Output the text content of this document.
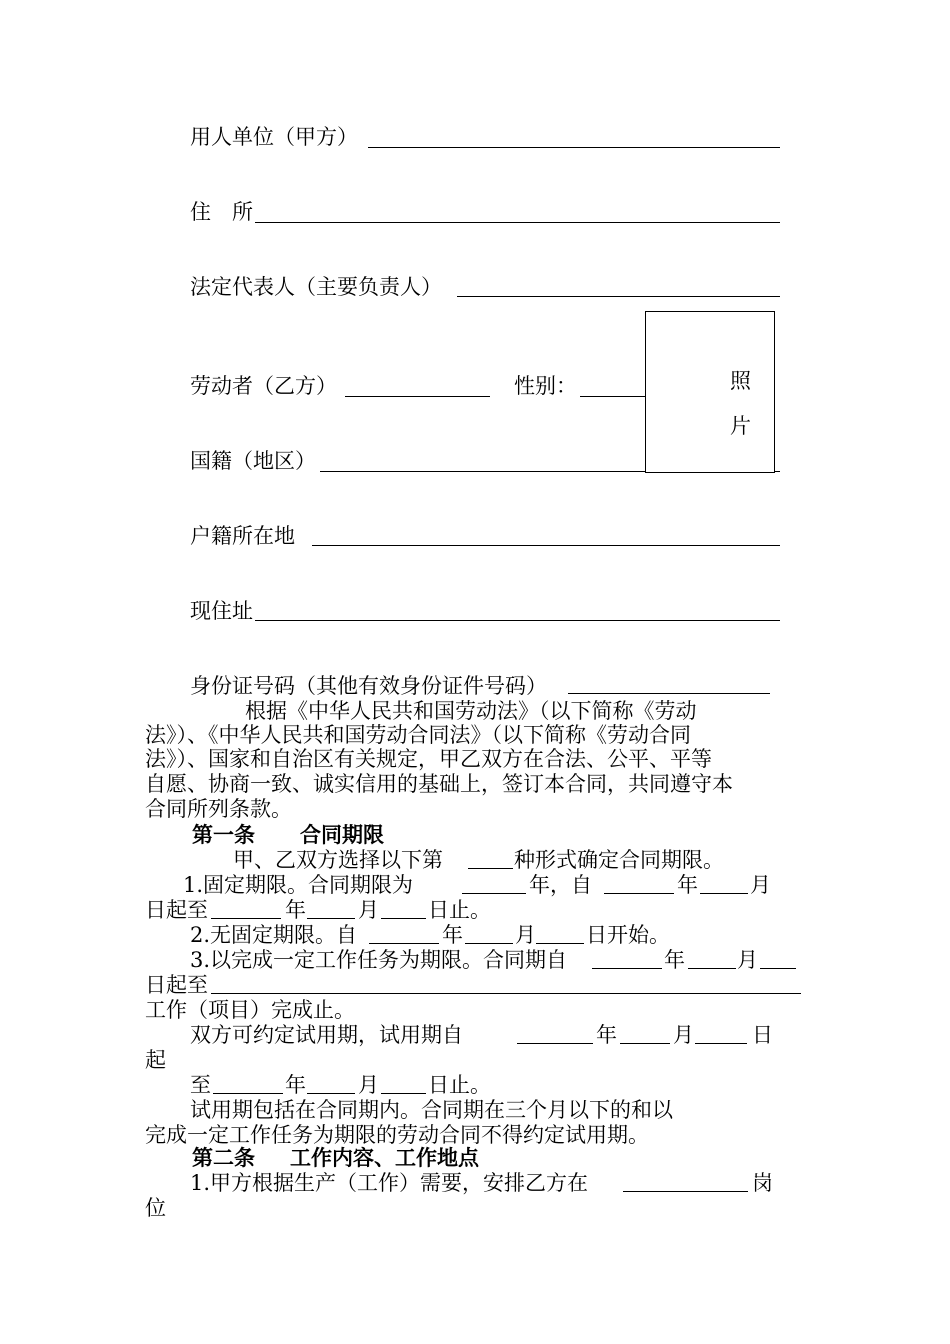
用人单位（甲方）
住　所
法定代表人（主要负责人）
劳动者（乙方）	性别：
国籍（地区）
照
片
户籍所在地
现住址
身份证号码（其他有效身份证件号码）
根据《中华人民共和国劳动法》（以下简称《劳动
法》）、《中华人民共和国劳动合同法》（以下简称《劳动合同
法》）、国家和自治区有关规定，甲乙双方在合法、公平、平等
自愿、协商一致、诚实信用的基础上，签订本合同，共同遵守本
合同所列条款。
第一条 合同期限
甲、乙双方选择以下第	种形式确定合同期限。
1.固定期限。合同期限为	年，自	年 月
日起至	年 月 日止。
2.无固定期限。自	年 月 日开始。
3.以完成一定工作任务为期限。合同期自	年 月
日起至
工作（项目）完成止。
双方可约定试用期，试用期自	年	月	日
起
至	年 月 日止。
试用期包括在合同期内。合同期在三个月以下的和以
完成一定工作任务为期限的劳动合同不得约定试用期。
第二条 工作内容、工作地点
1.甲方根据生产（工作）需要，安排乙方在	岗
位
